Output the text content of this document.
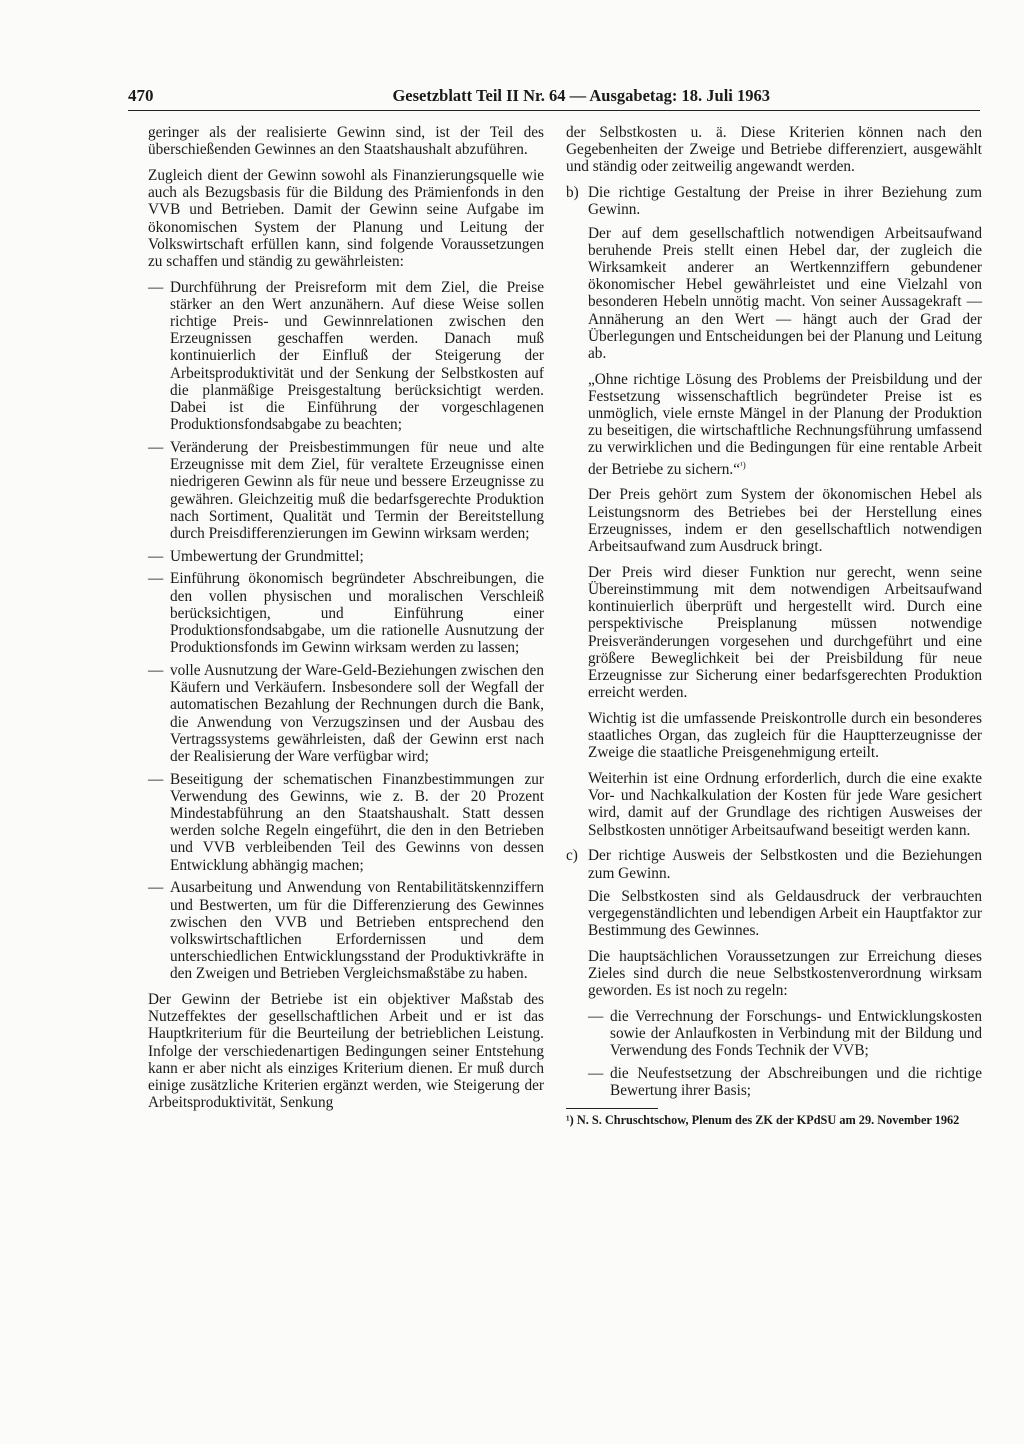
470	Gesetzblatt Teil II Nr. 64 — Ausgabetag: 18. Juli 1963

geringer als der realisierte Gewinn sind, ist der Teil des überschießenden Gewinnes an den Staatshaushalt abzuführen.

Zugleich dient der Gewinn sowohl als Finanzierungsquelle wie auch als Bezugsbasis für die Bildung des Prämienfonds in den VVB und Betrieben. Damit der Gewinn seine Aufgabe im ökonomischen System der Planung und Leitung der Volkswirtschaft erfüllen kann, sind folgende Voraussetzungen zu schaffen und ständig zu gewährleisten:

— Durchführung der Preisreform mit dem Ziel, die Preise stärker an den Wert anzunähern. Auf diese Weise sollen richtige Preis- und Gewinnrelationen zwischen den Erzeugnissen geschaffen werden. Danach muß kontinuierlich der Einfluß der Steigerung der Arbeitsproduktivität und der Senkung der Selbstkosten auf die planmäßige Preisgestaltung berücksichtigt werden. Dabei ist die Einführung der vorgeschlagenen Produktionsfondsabgabe zu beachten;
— Veränderung der Preisbestimmungen für neue und alte Erzeugnisse mit dem Ziel, für veraltete Erzeugnisse einen niedrigeren Gewinn als für neue und bessere Erzeugnisse zu gewähren. Gleichzeitig muß die bedarfsgerechte Produktion nach Sortiment, Qualität und Termin der Bereitstellung durch Preisdifferenzierungen im Gewinn wirksam werden;
— Umbewertung der Grundmittel;
— Einführung ökonomisch begründeter Abschreibungen, die den vollen physischen und moralischen Verschleiß berücksichtigen, und Einführung einer Produktionsfondsabgabe, um die rationelle Ausnutzung der Produktionsfonds im Gewinn wirksam werden zu lassen;
— volle Ausnutzung der Ware-Geld-Beziehungen zwischen den Käufern und Verkäufern. Insbesondere soll der Wegfall der automatischen Bezahlung der Rechnungen durch die Bank, die Anwendung von Verzugszinsen und der Ausbau des Vertragssystems gewährleisten, daß der Gewinn erst nach der Realisierung der Ware verfügbar wird;
— Beseitigung der schematischen Finanzbestimmungen zur Verwendung des Gewinns, wie z. B. der 20 Prozent Mindestabführung an den Staatshaushalt. Statt dessen werden solche Regeln eingeführt, die den in den Betrieben und VVB verbleibenden Teil des Gewinns von dessen Entwicklung abhängig machen;
— Ausarbeitung und Anwendung von Rentabilitätskennziffern und Bestwerten, um für die Differenzierung des Gewinnes zwischen den VVB und Betrieben entsprechend den volkswirtschaftlichen Erfordernissen und dem unterschiedlichen Entwicklungsstand der Produktivkräfte in den Zweigen und Betrieben Vergleichsmaßstäbe zu haben.

Der Gewinn der Betriebe ist ein objektiver Maßstab des Nutzeffektes der gesellschaftlichen Arbeit und er ist das Hauptkriterium für die Beurteilung der betrieblichen Leistung. Infolge der verschiedenartigen Bedingungen seiner Entstehung kann er aber nicht als einziges Kriterium dienen. Er muß durch einige zusätzliche Kriterien ergänzt werden, wie Steigerung der Arbeitsproduktivität, Senkung

der Selbstkosten u. ä. Diese Kriterien können nach den Gegebenheiten der Zweige und Betriebe differenziert, ausgewählt und ständig oder zeitweilig angewandt werden.

b) Die richtige Gestaltung der Preise in ihrer Beziehung zum Gewinn.

Der auf dem gesellschaftlich notwendigen Arbeitsaufwand beruhende Preis stellt einen Hebel dar, der zugleich die Wirksamkeit anderer an Wertkennziffern gebundener ökonomischer Hebel gewährleistet und eine Vielzahl von besonderen Hebeln unnötig macht. Von seiner Aussagekraft — Annäherung an den Wert — hängt auch der Grad der Überlegungen und Entscheidungen bei der Planung und Leitung ab.

„Ohne richtige Lösung des Problems der Preisbildung und der Festsetzung wissenschaftlich begründeter Preise ist es unmöglich, viele ernste Mängel in der Planung der Produktion zu beseitigen, die wirtschaftliche Rechnungsführung umfassend zu verwirklichen und die Bedingungen für eine rentable Arbeit der Betriebe zu sichern.“$^{^1)}$

Der Preis gehört zum System der ökonomischen Hebel als Leistungsnorm des Betriebes bei der Herstellung eines Erzeugnisses, indem er den gesellschaftlich notwendigen Arbeitsaufwand zum Ausdruck bringt.

Der Preis wird dieser Funktion nur gerecht, wenn seine Übereinstimmung mit dem notwendigen Arbeitsaufwand kontinuierlich überprüft und hergestellt wird. Durch eine perspektivische Preisplanung müssen notwendige Preisveränderungen vorgesehen und durchgeführt und eine größere Beweglichkeit bei der Preisbildung für neue Erzeugnisse zur Sicherung einer bedarfsgerechten Produktion erreicht werden.

Wichtig ist die umfassende Preiskontrolle durch ein besonderes staatliches Organ, das zugleich für die Hauptterzeugnisse der Zweige die staatliche Preisgenehmigung erteilt.

Weiterhin ist eine Ordnung erforderlich, durch die eine exakte Vor- und Nachkalkulation der Kosten für jede Ware gesichert wird, damit auf der Grundlage des richtigen Ausweises der Selbstkosten unnötiger Arbeitsaufwand beseitigt werden kann.

c) Der richtige Ausweis der Selbstkosten und die Beziehungen zum Gewinn.

Die Selbstkosten sind als Geldausdruck der verbrauchten vergegenständlichten und lebendigen Arbeit ein Hauptfaktor zur Bestimmung des Gewinnes.

Die hauptsächlichen Voraussetzungen zur Erreichung dieses Zieles sind durch die neue Selbstkostenverordnung wirksam geworden. Es ist noch zu regeln:

— die Verrechnung der Forschungs- und Entwicklungskosten sowie der Anlaufkosten in Verbindung mit der Bildung und Verwendung des Fonds Technik der VVB;
— die Neufestsetzung der Abschreibungen und die richtige Bewertung ihrer Basis;

¹) N. S. Chruschtschow, Plenum des ZK der KPdSU am 29. November 1962
